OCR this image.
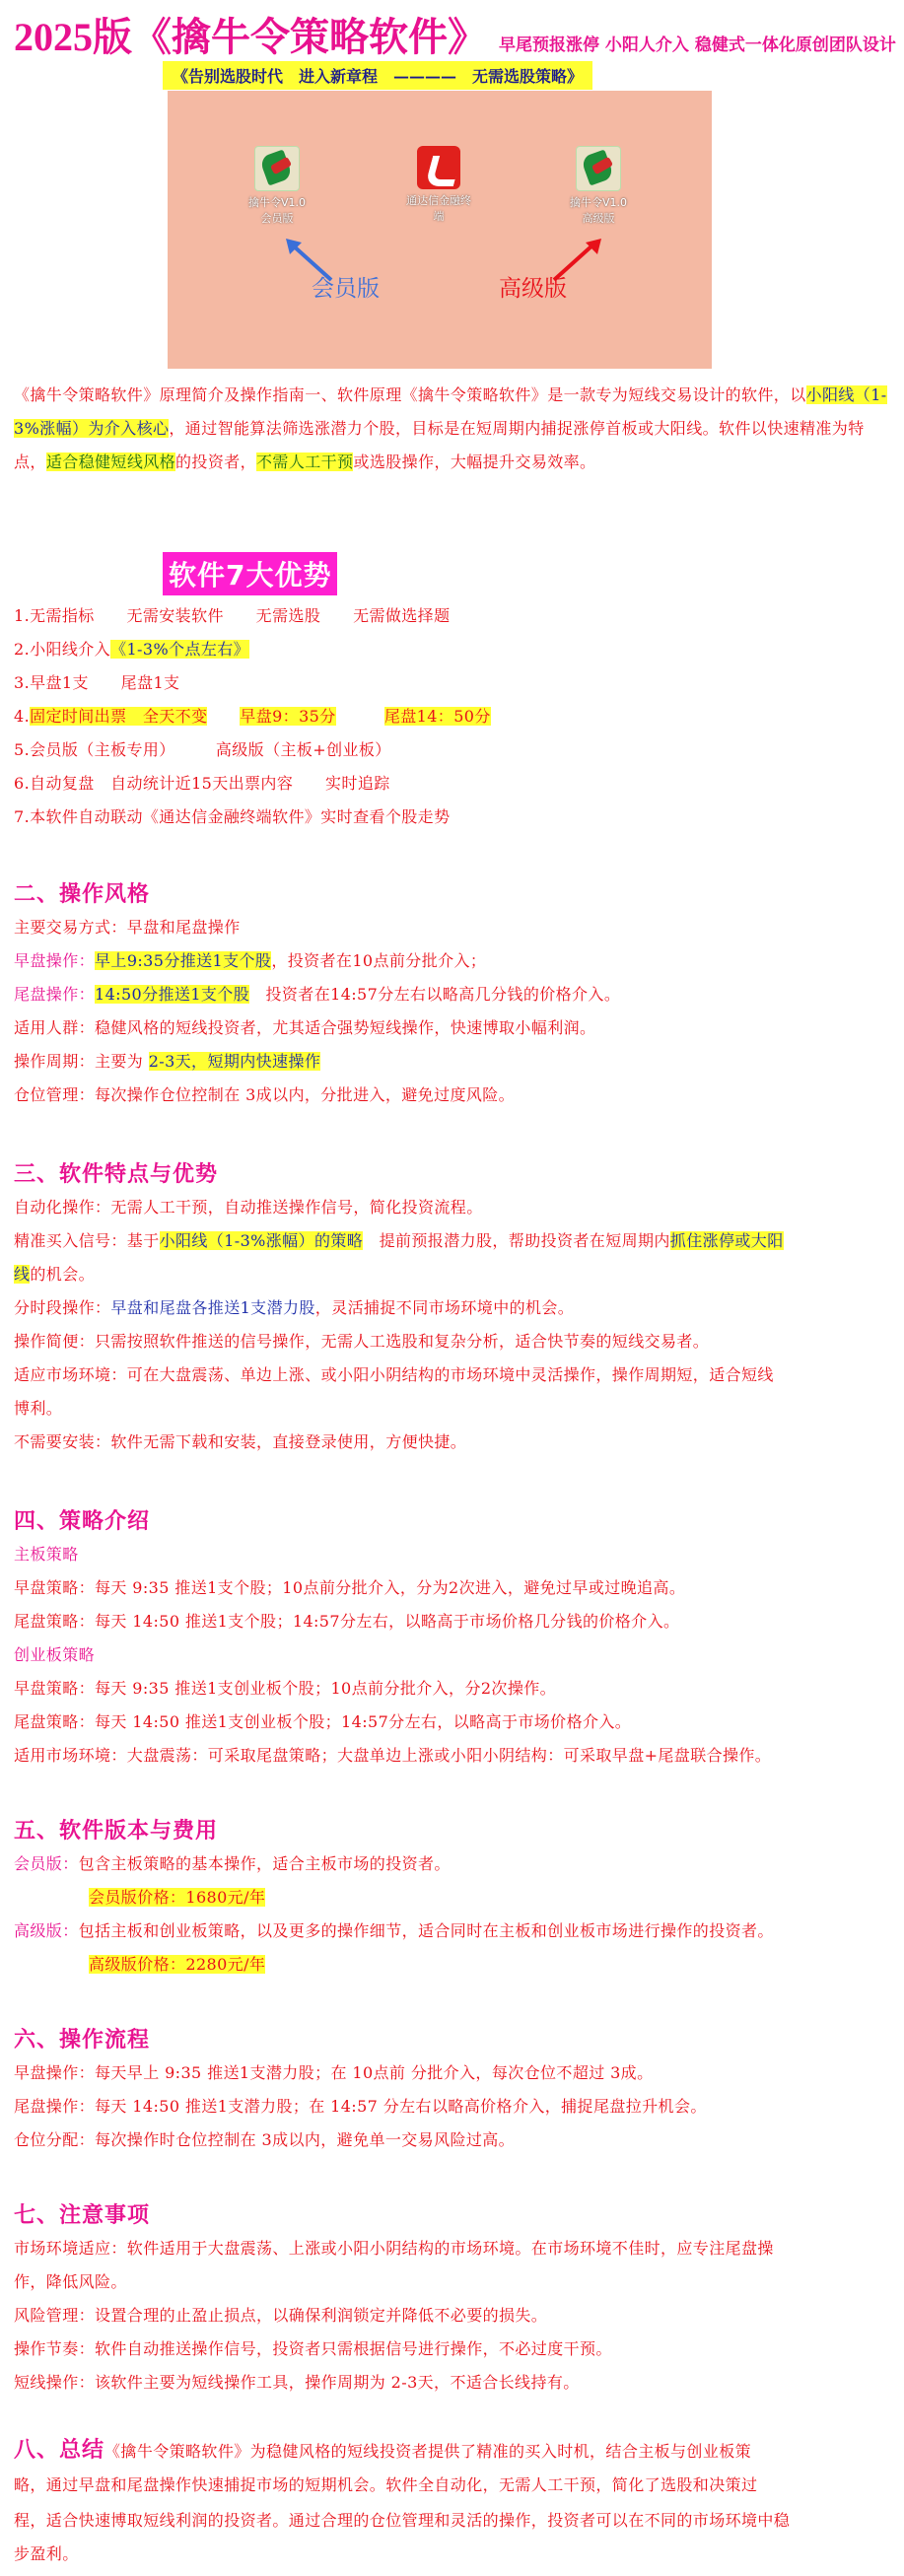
2025版《擒牛令策略软件》 早尾预报涨停 小阳人介入 稳健式一体化原创团队设计
《告别选股时代　进入新章程　————　无需选股策略》
擒牛令V1.0
会员版
通达信金融终
端
擒牛令V1.0
高级版
会员版	高级版
《擒牛令策略软件》原理简介及操作指南一、软件原理《擒牛令策略软件》是一款专为短线交易设计的软件，以小阳线（1-3%涨幅）为介入核心，通过智能算法筛选涨潜力个股，目标是在短周期内捕捉涨停首板或大阳线。软件以快速精准为特点，适合稳健短线风格的投资者，不需人工干预或选股操作，大幅提升交易效率。
软件7大优势
1.无需指标　　无需安装软件　　无需选股　　无需做选择题
2.小阳线介入《1-3%个点左右》
3.早盘1支　　尾盘1支
4.固定时间出票　全天不变　　 早盘9：35分　　　	尾盘14：50分
5.会员版（主板专用）　　　高级版（主板+创业板）
6.自动复盘　自动统计近15天出票内容　　实时追踪
7.本软件自动联动《通达信金融终端软件》实时查看个股走势
二、操作风格
主要交易方式：早盘和尾盘操作
早盘操作：早上9:35分推送1支个股，投资者在10点前分批介入；
尾盘操作：14:50分推送1支个股　投资者在14:57分左右以略高几分钱的价格介入。
适用人群：稳健风格的短线投资者，尤其适合强势短线操作，快速博取小幅利润。
操作周期：主要为 2-3天，短期内快速操作
仓位管理：每次操作仓位控制在 3成以内，分批进入，避免过度风险。
三、软件特点与优势
自动化操作：无需人工干预，自动推送操作信号，简化投资流程。
精准买入信号：基于小阳线（1-3%涨幅）的策略　提前预报潜力股，帮助投资者在短周期内抓住涨停或大阳
线的机会。
分时段操作：早盘和尾盘各推送1支潜力股，灵活捕捉不同市场环境中的机会。
操作简便：只需按照软件推送的信号操作，无需人工选股和复杂分析，适合快节奏的短线交易者。
适应市场环境：可在大盘震荡、单边上涨、或小阳小阴结构的市场环境中灵活操作，操作周期短，适合短线
博利。
不需要安装：软件无需下载和安装，直接登录使用，方便快捷。
四、策略介绍
主板策略
早盘策略：每天 9:35 推送1支个股；10点前分批介入，分为2次进入，避免过早或过晚追高。
尾盘策略：每天 14:50 推送1支个股；14:57分左右，以略高于市场价格几分钱的价格介入。
创业板策略
早盘策略：每天 9:35 推送1支创业板个股；10点前分批介入，分2次操作。
尾盘策略：每天 14:50 推送1支创业板个股；14:57分左右，以略高于市场价格介入。
适用市场环境：大盘震荡：可采取尾盘策略；大盘单边上涨或小阳小阴结构：可采取早盘+尾盘联合操作。
五、软件版本与费用
会员版：包含主板策略的基本操作，适合主板市场的投资者。
会员版价格：1680元/年
高级版：包括主板和创业板策略，以及更多的操作细节，适合同时在主板和创业板市场进行操作的投资者。
高级版价格：2280元/年
六、操作流程
早盘操作：每天早上 9:35 推送1支潜力股；在 10点前 分批介入，每次仓位不超过 3成。
尾盘操作：每天 14:50 推送1支潜力股；在 14:57 分左右以略高价格介入，捕捉尾盘拉升机会。
仓位分配：每次操作时仓位控制在 3成以内，避免单一交易风险过高。
七、注意事项
市场环境适应：软件适用于大盘震荡、上涨或小阳小阴结构的市场环境。在市场环境不佳时，应专注尾盘操
作，降低风险。
风险管理：设置合理的止盈止损点，以确保利润锁定并降低不必要的损失。
操作节奏：软件自动推送操作信号，投资者只需根据信号进行操作，不必过度干预。
短线操作：该软件主要为短线操作工具，操作周期为 2-3天，不适合长线持有。
八、总结《擒牛令策略软件》为稳健风格的短线投资者提供了精准的买入时机，结合主板与创业板策
略，通过早盘和尾盘操作快速捕捉市场的短期机会。软件全自动化，无需人工干预，简化了选股和决策过
程，适合快速博取短线利润的投资者。通过合理的仓位管理和灵活的操作，投资者可以在不同的市场环境中稳
步盈利。
